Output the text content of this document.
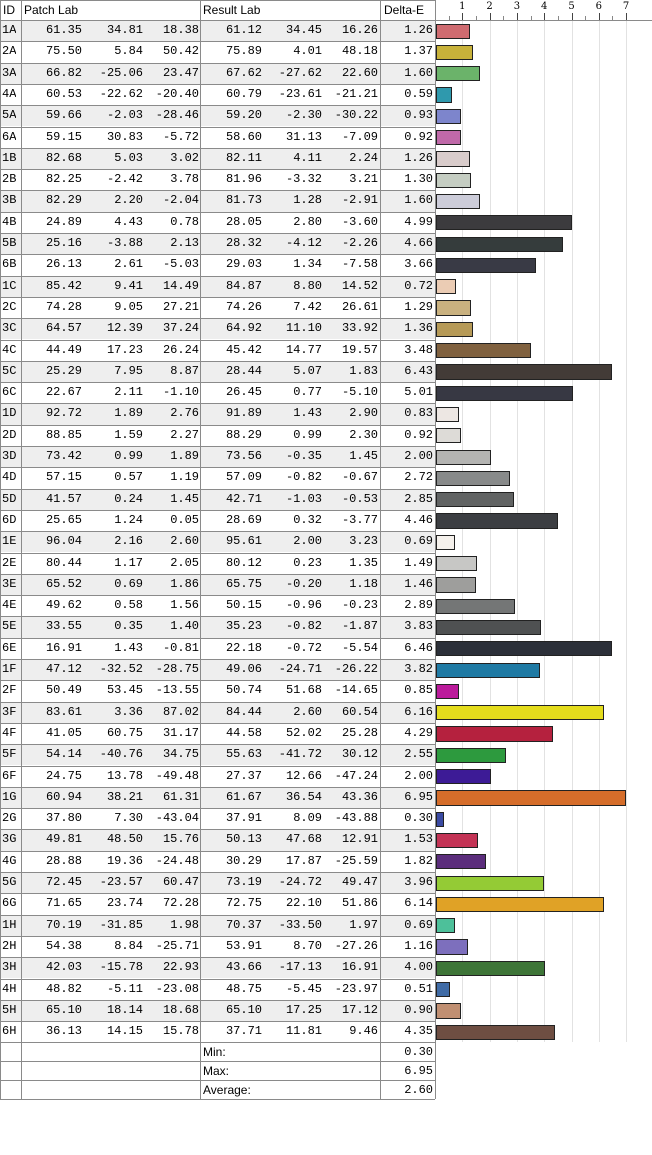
ID Patch Lab	Result Lab	Delta-E	1 2 3 4 5 6 7
1A	61.35	34.81	18.38	61.12	34.45	16.26	1.26
2A	75.50	5.84	50.42	75.89	4.01	48.18	1.37
3A	66.82	-25.06	23.47	67.62	-27.62	22.60	1.60
4A	60.53	-22.62	-20.40	60.79	-23.61	-21.21	0.59
5A	59.66	-2.03	-28.46	59.20	-2.30	-30.22	0.93
6A	59.15	30.83	-5.72	58.60	31.13	-7.09	0.92
1B	82.68	5.03	3.02	82.11	4.11	2.24	1.26
2B	82.25	-2.42	3.78	81.96	-3.32	3.21	1.30
3B	82.29	2.20	-2.04	81.73	1.28	-2.91	1.60
4B	24.89	4.43	0.78	28.05	2.80	-3.60	4.99
5B	25.16	-3.88	2.13	28.32	-4.12	-2.26	4.66
6B	26.13	2.61	-5.03	29.03	1.34	-7.58	3.66
1C	85.42	9.41	14.49	84.87	8.80	14.52	0.72
2C	74.28	9.05	27.21	74.26	7.42	26.61	1.29
3C	64.57	12.39	37.24	64.92	11.10	33.92	1.36
4C	44.49	17.23	26.24	45.42	14.77	19.57	3.48
5C	25.29	7.95	8.87	28.44	5.07	1.83	6.43
6C	22.67	2.11	-1.10	26.45	0.77	-5.10	5.01
1D	92.72	1.89	2.76	91.89	1.43	2.90	0.83
2D	88.85	1.59	2.27	88.29	0.99	2.30	0.92
3D	73.42	0.99	1.89	73.56	-0.35	1.45	2.00
4D	57.15	0.57	1.19	57.09	-0.82	-0.67	2.72
5D	41.57	0.24	1.45	42.71	-1.03	-0.53	2.85
6D	25.65	1.24	0.05	28.69	0.32	-3.77	4.46
1E	96.04	2.16	2.60	95.61	2.00	3.23	0.69
2E	80.44	1.17	2.05	80.12	0.23	1.35	1.49
3E	65.52	0.69	1.86	65.75	-0.20	1.18	1.46
4E	49.62	0.58	1.56	50.15	-0.96	-0.23	2.89
5E	33.55	0.35	1.40	35.23	-0.82	-1.87	3.83
6E	16.91	1.43	-0.81	22.18	-0.72	-5.54	6.46
1F	47.12	-32.52	-28.75	49.06	-24.71	-26.22	3.82
2F	50.49	53.45	-13.55	50.74	51.68	-14.65	0.85
3F	83.61	3.36	87.02	84.44	2.60	60.54	6.16
4F	41.05	60.75	31.17	44.58	52.02	25.28	4.29
5F	54.14	-40.76	34.75	55.63	-41.72	30.12	2.55
6F	24.75	13.78	-49.48	27.37	12.66	-47.24	2.00
1G	60.94	38.21	61.31	61.67	36.54	43.36	6.95
2G	37.80	7.30	-43.04	37.91	8.09	-43.88	0.30
3G	49.81	48.50	15.76	50.13	47.68	12.91	1.53
4G	28.88	19.36	-24.48	30.29	17.87	-25.59	1.82
5G	72.45	-23.57	60.47	73.19	-24.72	49.47	3.96
6G	71.65	23.74	72.28	72.75	22.10	51.86	6.14
1H	70.19	-31.85	1.98	70.37	-33.50	1.97	0.69
2H	54.38	8.84	-25.71	53.91	8.70	-27.26	1.16
3H	42.03	-15.78	22.93	43.66	-17.13	16.91	4.00
4H	48.82	-5.11	-23.08	48.75	-5.45	-23.97	0.51
5H	65.10	18.14	18.68	65.10	17.25	17.12	0.90
6H	36.13	14.15	15.78	37.71	11.81	9.46	4.35
Min:	0.30
Max:	6.95
Average:	2.60
